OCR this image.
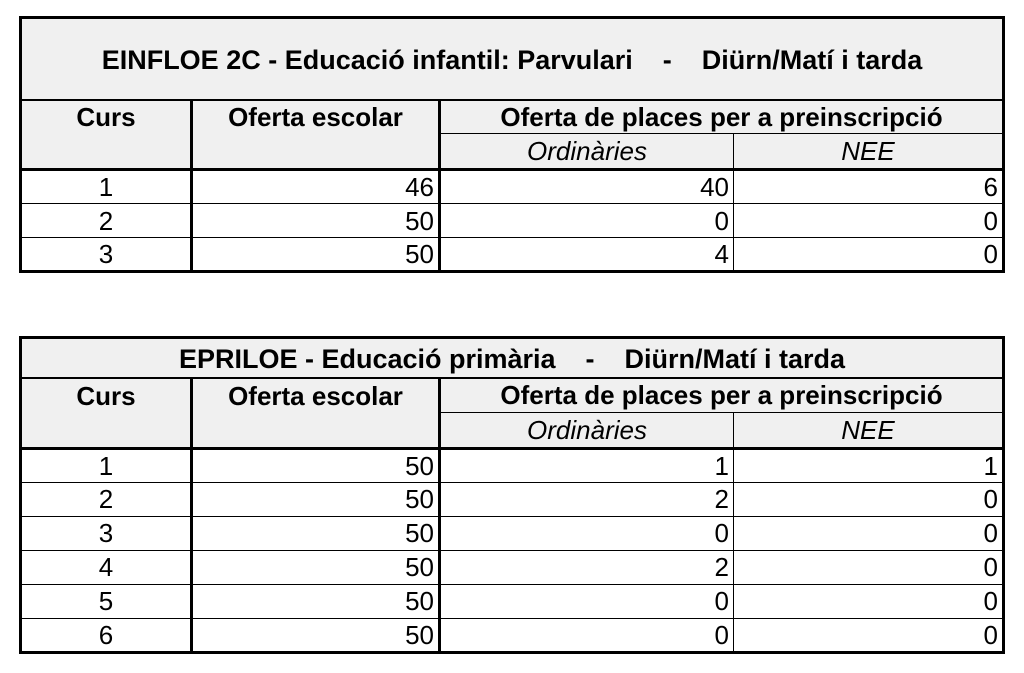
EINFLOE 2C - Educació infantil: Parvulari    -    Diürn/Matí i tarda			
Curs	Oferta escolar	Oferta de places per a preinscripció	
		Ordinàries	NEE
1	46	40	6
2	50	0	0
3	50	4	0
EPRILOE - Educació primària    -    Diürn/Matí i tarda			
Curs	Oferta escolar	Oferta de places per a preinscripció	
		Ordinàries	NEE
1	50	1	1
2	50	2	0
3	50	0	0
4	50	2	0
5	50	0	0
6	50	0	0
